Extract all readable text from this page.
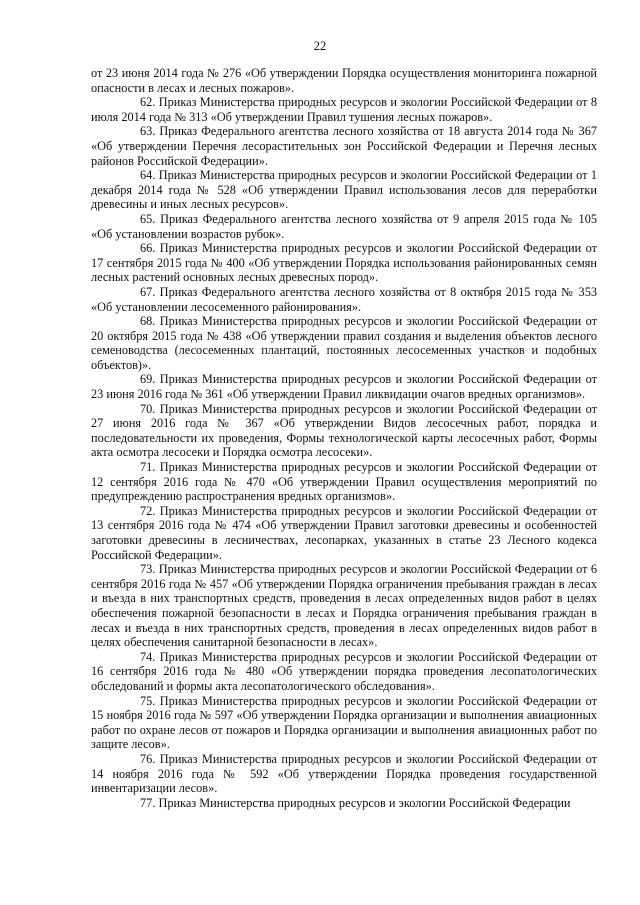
22

от 23 июня 2014 года № 276 «Об утверждении Порядка осуществления мониторинга пожарной опасности в лесах и лесных пожаров».

62. Приказ Министерства природных ресурсов и экологии Российской Федерации от 8 июля 2014 года № 313 «Об утверждении Правил тушения лесных пожаров».

63. Приказ Федерального агентства лесного хозяйства от 18 августа 2014 года № 367 «Об утверждении Перечня лесорастительных зон Российской Федерации и Перечня лесных районов Российской Федерации».

64. Приказ Министерства природных ресурсов и экологии Российской Федерации от 1 декабря 2014 года № 528 «Об утверждении Правил использования лесов для переработки древесины и иных лесных ресурсов».

65. Приказ Федерального агентства лесного хозяйства от 9 апреля 2015 года № 105 «Об установлении возрастов рубок».

66. Приказ Министерства природных ресурсов и экологии Российской Федерации от 17 сентября 2015 года № 400 «Об утверждении Порядка использования районированных семян лесных растений основных лесных древесных пород».

67. Приказ Федерального агентства лесного хозяйства от 8 октября 2015 года № 353 «Об установлении лесосеменного районирования».

68. Приказ Министерства природных ресурсов и экологии Российской Федерации от 20 октября 2015 года № 438 «Об утверждении правил создания и выделения объектов лесного семеноводства (лесосеменных плантаций, постоянных лесосеменных участков и подобных объектов)».

69. Приказ Министерства природных ресурсов и экологии Российской Федерации от 23 июня 2016 года № 361 «Об утверждении Правил ликвидации очагов вредных организмов».

70. Приказ Министерства природных ресурсов и экологии Российской Федерации от 27 июня 2016 года № 367 «Об утверждении Видов лесосечных работ, порядка и последовательности их проведения, Формы технологической карты лесосечных работ, Формы акта осмотра лесосеки и Порядка осмотра лесосеки».

71. Приказ Министерства природных ресурсов и экологии Российской Федерации от 12 сентября 2016 года № 470 «Об утверждении Правил осуществления мероприятий по предупреждению распространения вредных организмов».

72. Приказ Министерства природных ресурсов и экологии Российской Федерации от 13 сентября 2016 года № 474 «Об утверждении Правил заготовки древесины и особенностей заготовки древесины в лесничествах, лесопарках, указанных в статье 23 Лесного кодекса Российской Федерации».

73. Приказ Министерства природных ресурсов и экологии Российской Федерации от 6 сентября 2016 года № 457 «Об утверждении Порядка ограничения пребывания граждан в лесах и въезда в них транспортных средств, проведения в лесах определенных видов работ в целях обеспечения пожарной безопасности в лесах и Порядка ограничения пребывания граждан в лесах и въезда в них транспортных средств, проведения в лесах определенных видов работ в целях обеспечения санитарной безопасности в лесах».

74. Приказ Министерства природных ресурсов и экологии Российской Федерации от 16 сентября 2016 года № 480 «Об утверждении порядка проведения лесопатологических обследований и формы акта лесопатологического обследования».

75. Приказ Министерства природных ресурсов и экологии Российской Федерации от 15 ноября 2016 года № 597 «Об утверждении Порядка организации и выполнения авиационных работ по охране лесов от пожаров и Порядка организации и выполнения авиационных работ по защите лесов».

76. Приказ Министерства природных ресурсов и экологии Российской Федерации от 14 ноября 2016 года № 592 «Об утверждении Порядка проведения государственной инвентаризации лесов».

77. Приказ Министерства природных ресурсов и экологии Российской Федерации
